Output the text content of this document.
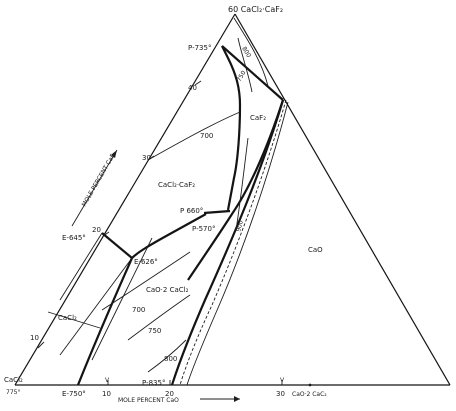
60 CaCl₂·CaF₂
CaCl₂
775°
10
20
30
40
MOLE PERCENT CaF₂
10	20	30
MOLE PERCENT CaO
P-735°
P 660°
P-570°
E-645°
E-626°
E-750°
P-835°
V	V
CaF₂
CaCl₂·CaF₂
CaCl₂
CaO·2 CaCl₂
CaO
CaO·2 CaC₂
800
750
700
900
700
750
800
